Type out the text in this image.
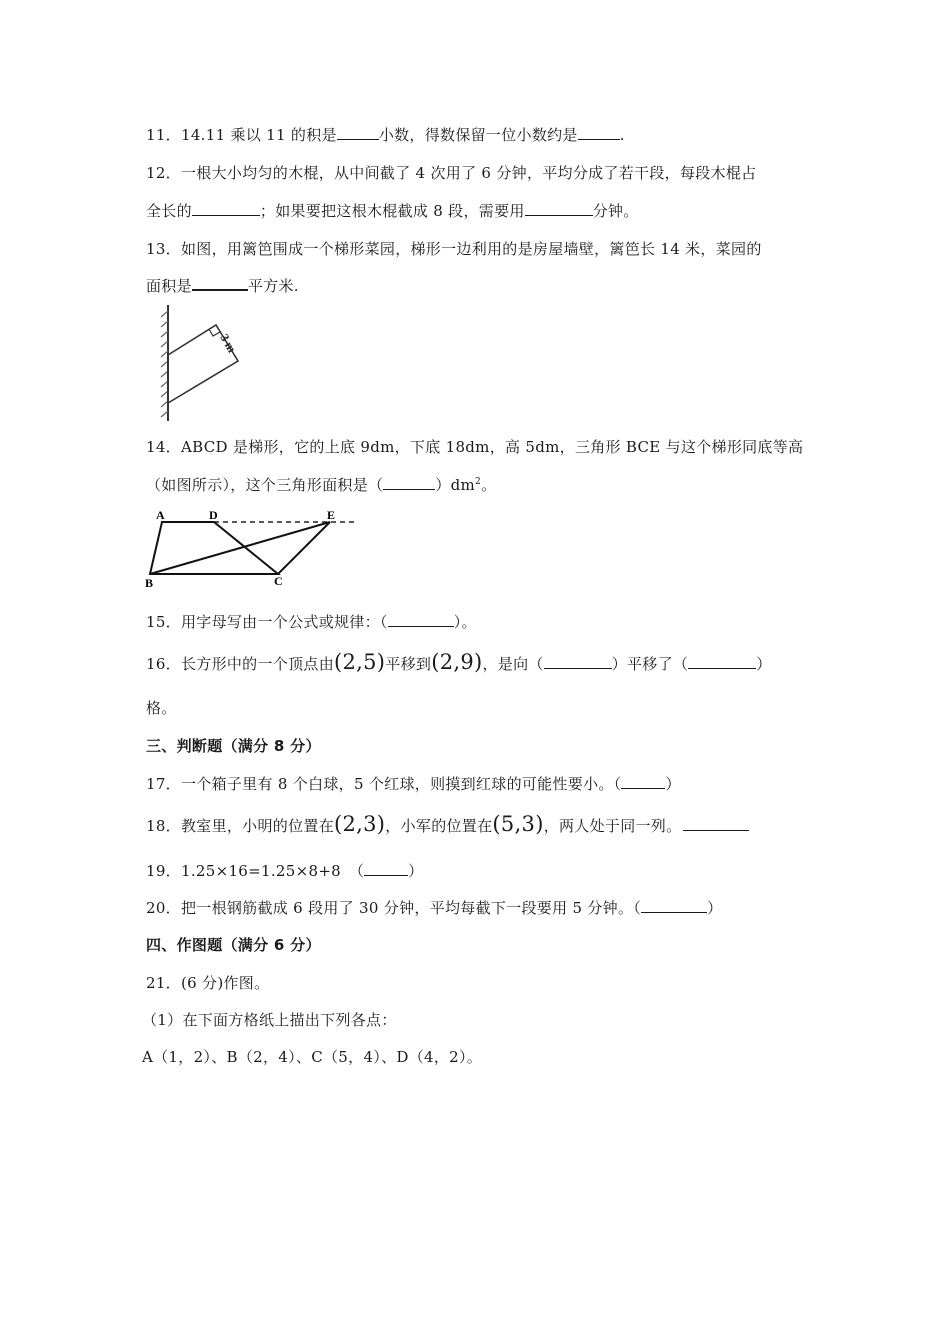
11．14.11 乘以 11 的积是	小数，得数保留一位小数约是	.
12．一根大小均匀的木棍，从中间截了 4 次用了 6 分钟，平均分成了若干段，每段木棍占
全长的	；如果要把这根木棍截成 8 段，需要用	分钟。
13．如图，用篱笆围成一个梯形菜园，梯形一边利用的是房屋墙壁，篱笆长 14 米，菜园的
面积是	平方米.
3 m
14．ABCD 是梯形，它的上底 9dm，下底 18dm，高 5dm，三角形 BCE 与这个梯形同底等高
（如图所示），这个三角形面积是（	）$dm^2$。
A	D	E
B	C
15．用字母写由一个公式或规律：（	）。
16．长方形中的一个顶点由(2,5)平移到(2,9)，是向（	）平移了（	）
格。
三、判断题（满分 8 分）
17．一个箱子里有 8 个白球，5 个红球，则摸到红球的可能性要小。（	）
18．教室里，小明的位置在(2,3)，小军的位置在(5,3)，两人处于同一列。
19．1.25×16=1.25×8+8　（	）
20．把一根钢筋截成 6 段用了 30 分钟，平均每截下一段要用 5 分钟。（	）
四、作图题（满分 6 分）
21．(6 分)作图。
（1）在下面方格纸上描出下列各点：
A（1，2）、B（2，4）、C（5，4）、D（4，2）。
